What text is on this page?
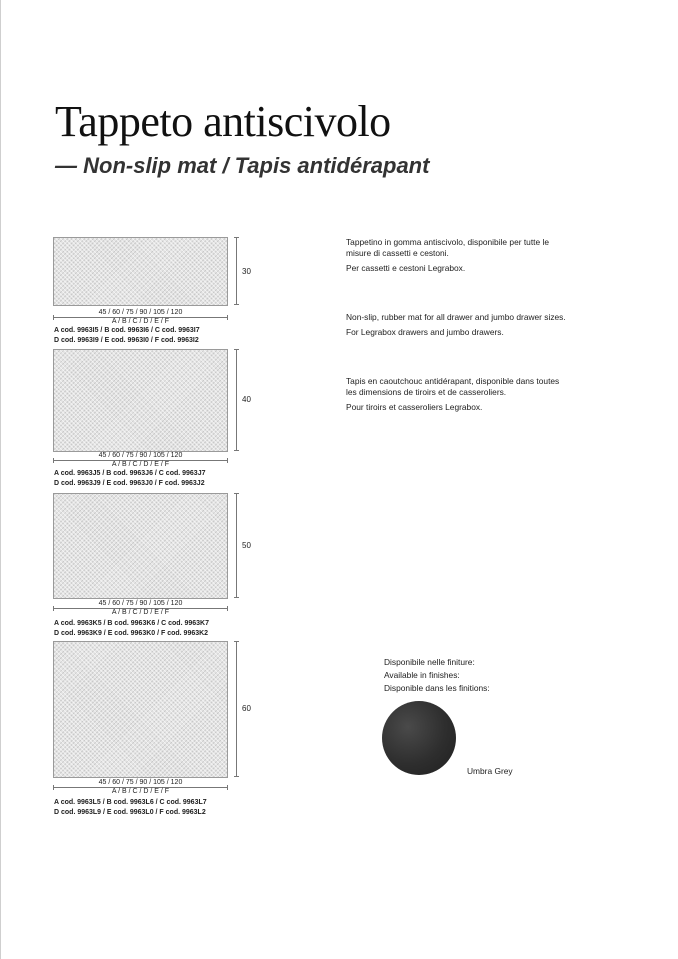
Tappeto antiscivolo
— Non-slip mat / Tapis antidérapant
30
45 / 60 / 75 / 90 / 105 / 120
A / B / C / D / E / F
A cod. 9963I5 / B cod. 9963I6 / C cod. 9963I7
D cod. 9963I9 / E cod. 9963I0 / F cod. 9963I2
40
45 / 60 / 75 / 90 / 105 / 120
A / B / C / D / E / F
A cod. 9963J5 / B cod. 9963J6 / C cod. 9963J7
D cod. 9963J9 / E cod. 9963J0 / F cod. 9963J2
50
45 / 60 / 75 / 90 / 105 / 120
A / B / C / D / E / F
A cod. 9963K5 / B cod. 9963K6 / C cod. 9963K7
D cod. 9963K9 / E cod. 9963K0 / F cod. 9963K2
60
45 / 60 / 75 / 90 / 105 / 120
A / B / C / D / E / F
A cod. 9963L5 / B cod. 9963L6 / C cod. 9963L7
D cod. 9963L9 / E cod. 9963L0 / F cod. 9963L2

Tappetino in gomma antiscivolo, disponibile per tutte le misure di cassetti e cestoni.

Per cassetti e cestoni Legrabox.

Non-slip, rubber mat for all drawer and jumbo drawer sizes.

For Legrabox drawers and jumbo drawers.

Tapis en caoutchouc antidérapant, disponible dans toutes les dimensions de tiroirs et de casseroliers.

Pour tiroirs et casseroliers Legrabox.

Disponibile nelle finiture:
Available in finishes:
Disponible dans les finitions:
Umbra Grey
